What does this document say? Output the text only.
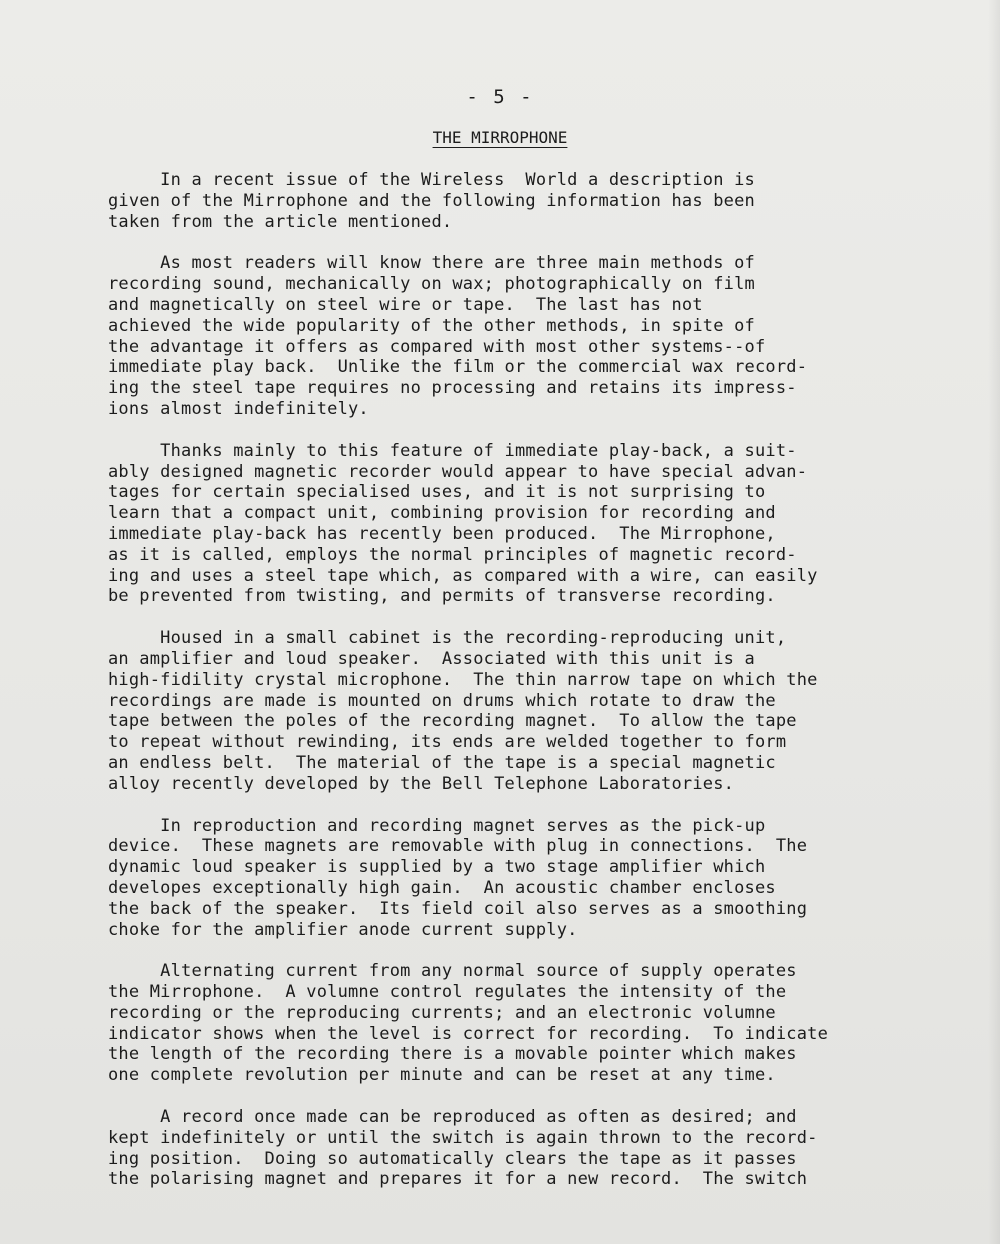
- 5 -
THE MIRROPHONE
In a recent issue of the Wireless  World a description is
given of the Mirrophone and the following information has been
taken from the article mentioned.
As most readers will know there are three main methods of
recording sound, mechanically on wax; photographically on film
and magnetically on steel wire or tape.  The last has not
achieved the wide popularity of the other methods, in spite of
the advantage it offers as compared with most other systems--of
immediate play back.  Unlike the film or the commercial wax record-
ing the steel tape requires no processing and retains its impress-
ions almost indefinitely.
Thanks mainly to this feature of immediate play-back, a suit-
ably designed magnetic recorder would appear to have special advan-
tages for certain specialised uses, and it is not surprising to
learn that a compact unit, combining provision for recording and
immediate play-back has recently been produced.  The Mirrophone,
as it is called, employs the normal principles of magnetic record-
ing and uses a steel tape which, as compared with a wire, can easily
be prevented from twisting, and permits of transverse recording.
Housed in a small cabinet is the recording-reproducing unit,
an amplifier and loud speaker.  Associated with this unit is a
high-fidility crystal microphone.  The thin narrow tape on which the
recordings are made is mounted on drums which rotate to draw the
tape between the poles of the recording magnet.  To allow the tape
to repeat without rewinding, its ends are welded together to form
an endless belt.  The material of the tape is a special magnetic
alloy recently developed by the Bell Telephone Laboratories.
In reproduction and recording magnet serves as the pick-up
device.  These magnets are removable with plug in connections.  The
dynamic loud speaker is supplied by a two stage amplifier which
developes exceptionally high gain.  An acoustic chamber encloses
the back of the speaker.  Its field coil also serves as a smoothing
choke for the amplifier anode current supply.
Alternating current from any normal source of supply operates
the Mirrophone.  A volumne control regulates the intensity of the
recording or the reproducing currents; and an electronic volumne
indicator shows when the level is correct for recording.  To indicate
the length of the recording there is a movable pointer which makes
one complete revolution per minute and can be reset at any time.
A record once made can be reproduced as often as desired; and
kept indefinitely or until the switch is again thrown to the record-
ing position.  Doing so automatically clears the tape as it passes
the polarising magnet and prepares it for a new record.  The switch
